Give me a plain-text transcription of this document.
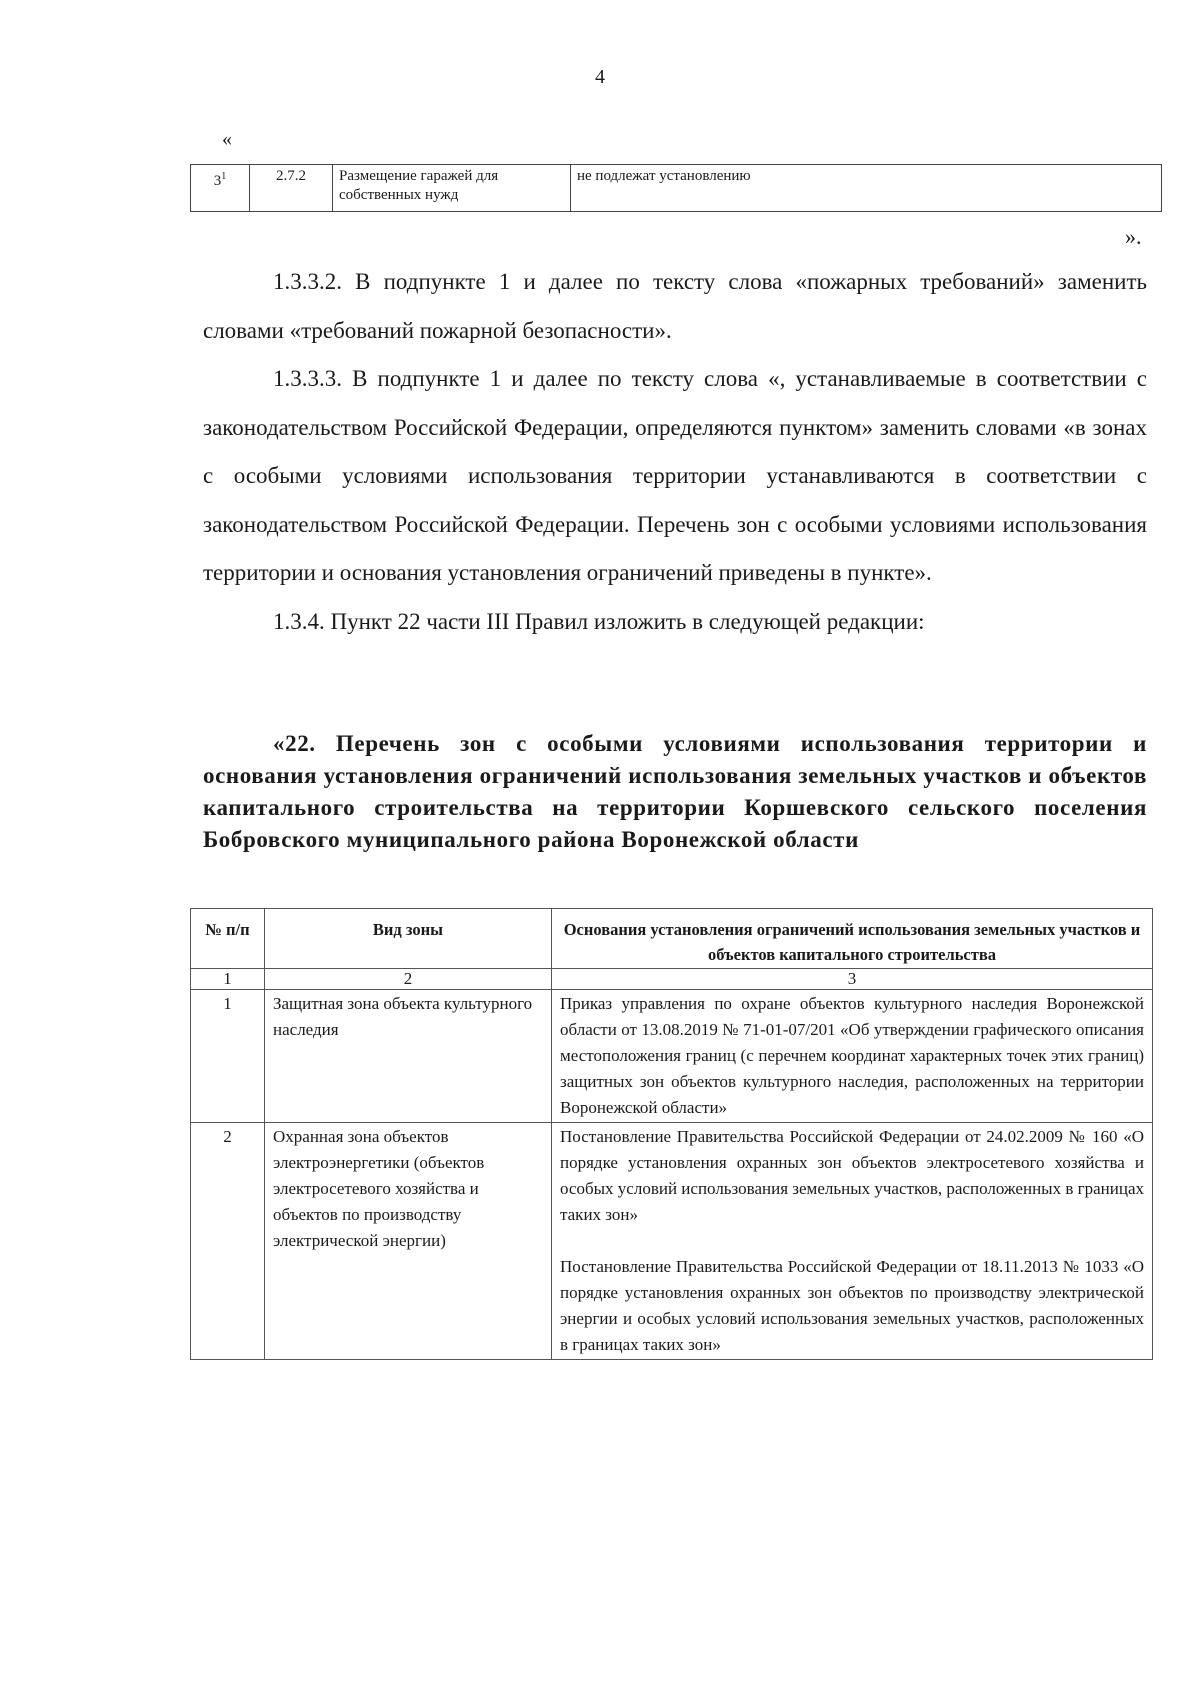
4
«
$3^1$	2.7.2	Размещение гаражей для собственных нужд	не подлежат установлению
».

1.3.3.2. В подпункте 1 и далее по тексту слова «пожарных требований» заменить словами «требований пожарной безопасности».

1.3.3.3. В подпункте 1 и далее по тексту слова «, устанавливаемые в соответствии с законодательством Российской Федерации, определяются пунктом» заменить словами «в зонах с особыми условиями использования территории устанавливаются в соответствии с законодательством Российской Федерации. Перечень зон с особыми условиями использования территории и основания установления ограничений приведены в пункте».

1.3.4. Пункт 22 части III Правил изложить в следующей редакции:

«22. Перечень зон с особыми условиями использования территории и основания установления ограничений использования земельных участков и объектов капитального строительства на территории Коршевского сельского поселения Бобровского муниципального района Воронежской области
№ п/п	Вид зоны	Основания установления ограничений использования земельных участков и объектов капитального строительства
1	2	3
1	Защитная зона объекта культурного наследия	Приказ управления по охране объектов культурного наследия Воронежской области от 13.08.2019 № 71-01-07/201 «Об утверждении графического описания местоположения границ (с перечнем координат характерных точек этих границ) защитных зон объектов культурного наследия, расположенных на территории Воронежской области»

2	Охранная зона объектов электроэнергетики (объектов электросетевого хозяйства и объектов по производству электрической энергии)	Постановление Правительства Российской Федерации от 24.02.2009 № 160 «О порядке установления охранных зон объектов электросетевого хозяйства и особых условий использования земельных участков, расположенных в границах таких зон»

Постановление Правительства Российской Федерации от 18.11.2013 № 1033 «О порядке установления охранных зон объектов по производству электрической энергии и особых условий использования земельных участков, расположенных в границах таких зон»
